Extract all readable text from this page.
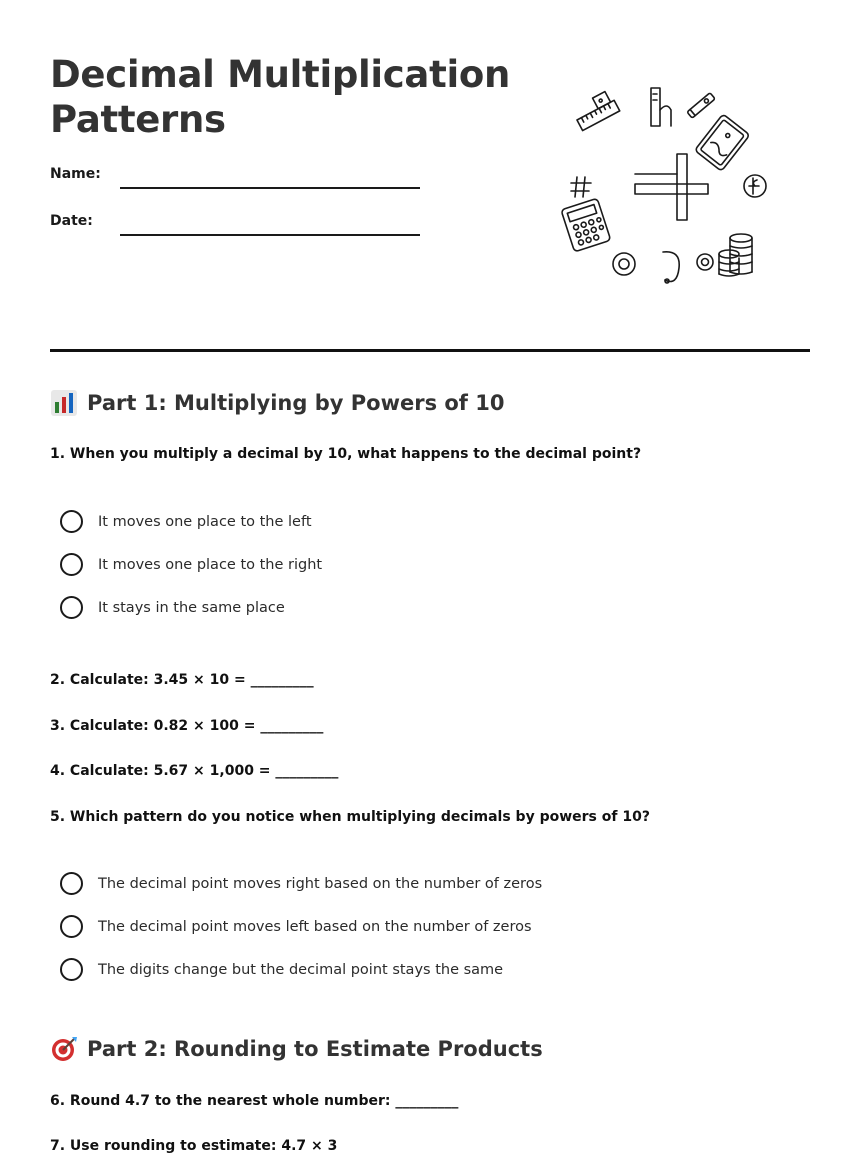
Decimal Multiplication Patterns
Name:
Date:
Part 1: Multiplying by Powers of 10
1. When you multiply a decimal by 10, what happens to the decimal point?
It moves one place to the left
It moves one place to the right
It stays in the same place
2. Calculate: 3.45 × 10 = _________
3. Calculate: 0.82 × 100 = _________
4. Calculate: 5.67 × 1,000 = _________
5. Which pattern do you notice when multiplying decimals by powers of 10?
The decimal point moves right based on the number of zeros
The decimal point moves left based on the number of zeros
The digits change but the decimal point stays the same
Part 2: Rounding to Estimate Products
6. Round 4.7 to the nearest whole number: _________
7. Use rounding to estimate: 4.7 × 3
